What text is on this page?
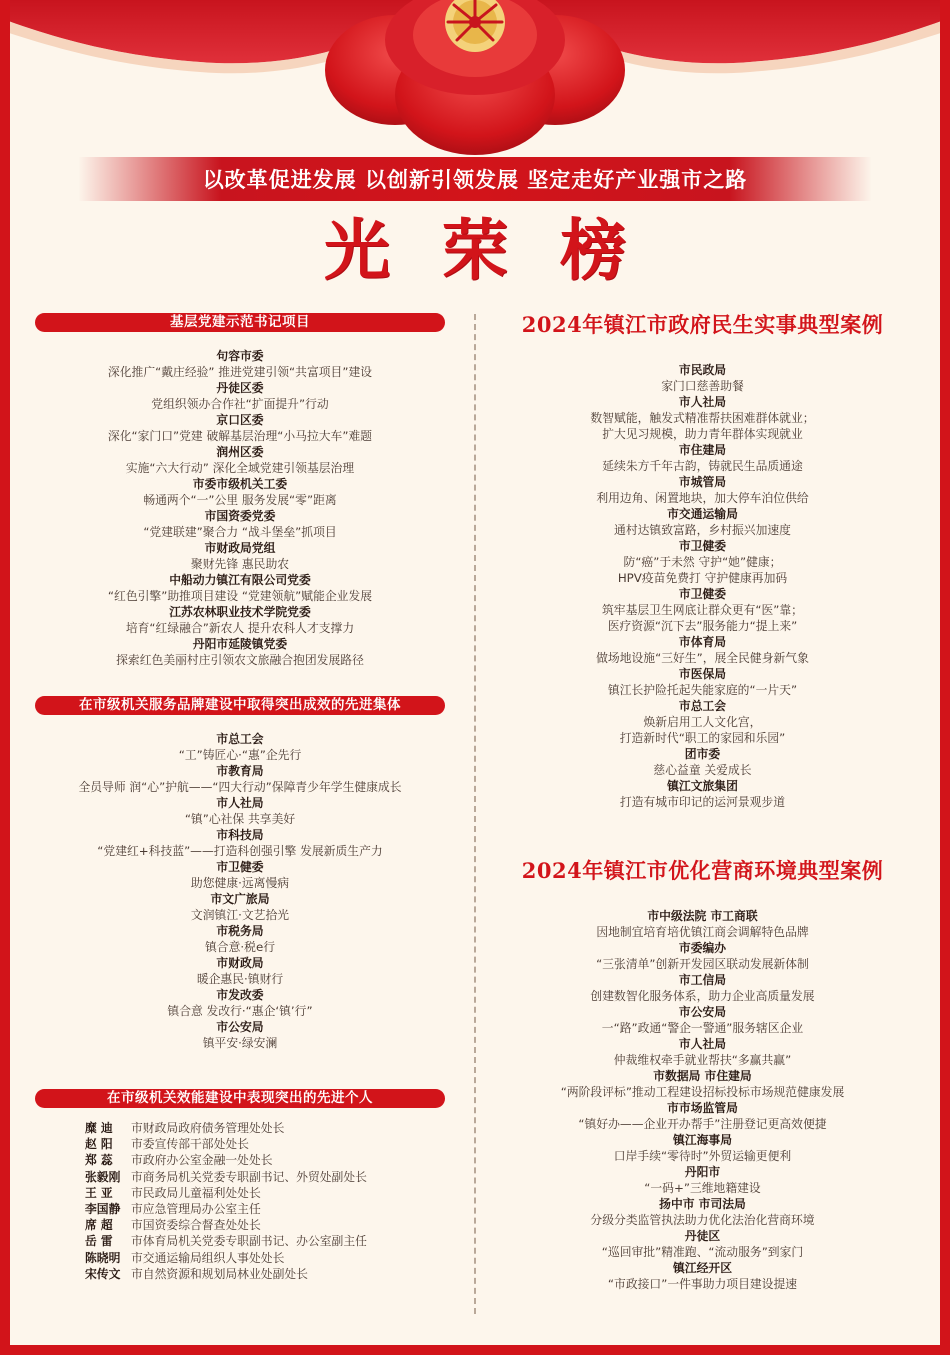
以改革促进发展 以创新引领发展 坚定走好产业强市之路
光荣榜
基层党建示范书记项目
句容市委
深化推广“戴庄经验” 推进党建引领“共富项目”建设
丹徒区委
党组织领办合作社“扩面提升”行动
京口区委
深化“家门口”党建 破解基层治理“小马拉大车”难题
润州区委
实施“六大行动” 深化全域党建引领基层治理
市委市级机关工委
畅通两个“一”公里 服务发展“零”距离
市国资委党委
“党建联建”聚合力 “战斗堡垒”抓项目
市财政局党组
聚财先锋 惠民助农
中船动力镇江有限公司党委
“红色引擎”助推项目建设 “党建领航”赋能企业发展
江苏农林职业技术学院党委
培育“红绿融合”新农人 提升农科人才支撑力
丹阳市延陵镇党委
探索红色美丽村庄引领农文旅融合抱团发展路径
在市级机关服务品牌建设中取得突出成效的先进集体
市总工会
“工”铸匠心·“惠”企先行
市教育局
全员导师 润“心”护航——“四大行动”保障青少年学生健康成长
市人社局
“镇”心社保 共享美好
市科技局
“党建红+科技蓝”——打造科创强引擎 发展新质生产力
市卫健委
助您健康·远离慢病
市文广旅局
文润镇江·文艺拾光
市税务局
镇合意·税e行
市财政局
暖企惠民·镇财行
市发改委
镇合意 发改行·“惠企‘镇’行”
市公安局
镇平安·绿安澜
在市级机关效能建设中表现突出的先进个人
糜 迪	市财政局政府债务管理处处长
赵 阳	市委宣传部干部处处长
郑 蕊	市政府办公室金融一处处长
张毅刚 市商务局机关党委专职副书记、外贸处副处长
王 亚	市民政局儿童福利处处长
李国静 市应急管理局办公室主任
席 超	市国资委综合督查处处长
岳 雷	市体育局机关党委专职副书记、办公室副主任
陈晓明 市交通运输局组织人事处处长
宋传文 市自然资源和规划局林业处副处长
2024年镇江市政府民生实事典型案例
市民政局
家门口慈善助餐
市人社局
数智赋能，触发式精准帮扶困难群体就业；
扩大见习规模，助力青年群体实现就业
市住建局
延续朱方千年古韵，铸就民生品质通途
市城管局
利用边角、闲置地块，加大停车泊位供给
市交通运输局
通村达镇致富路，乡村振兴加速度
市卫健委
防“癌”于未然 守护“她”健康；
HPV疫苗免费打 守护健康再加码
市卫健委
筑牢基层卫生网底让群众更有“医”靠；
医疗资源“沉下去”服务能力“提上来”
市体育局
做场地设施“三好生”，展全民健身新气象
市医保局
镇江长护险托起失能家庭的“一片天”
市总工会
焕新启用工人文化宫，
打造新时代“职工的家园和乐园”
团市委
慈心益童 关爱成长
镇江文旅集团
打造有城市印记的运河景观步道
2024年镇江市优化营商环境典型案例
市中级法院 市工商联
因地制宜培育培优镇江商会调解特色品牌
市委编办
“三张清单”创新开发园区联动发展新体制
市工信局
创建数智化服务体系，助力企业高质量发展
市公安局
一“路”政通“警企一警通”服务辖区企业
市人社局
仲裁维权牵手就业帮扶“多赢共赢”
市数据局 市住建局
“两阶段评标”推动工程建设招标投标市场规范健康发展
市市场监管局
“镇好办——企业开办帮手”注册登记更高效便捷
镇江海事局
口岸手续“零待时”外贸运输更便利
丹阳市
“一码+”三维地籍建设
扬中市 市司法局
分级分类监管执法助力优化法治化营商环境
丹徒区
“巡回审批”精准跑、“流动服务”到家门
镇江经开区
“市政接口”一件事助力项目建设提速
